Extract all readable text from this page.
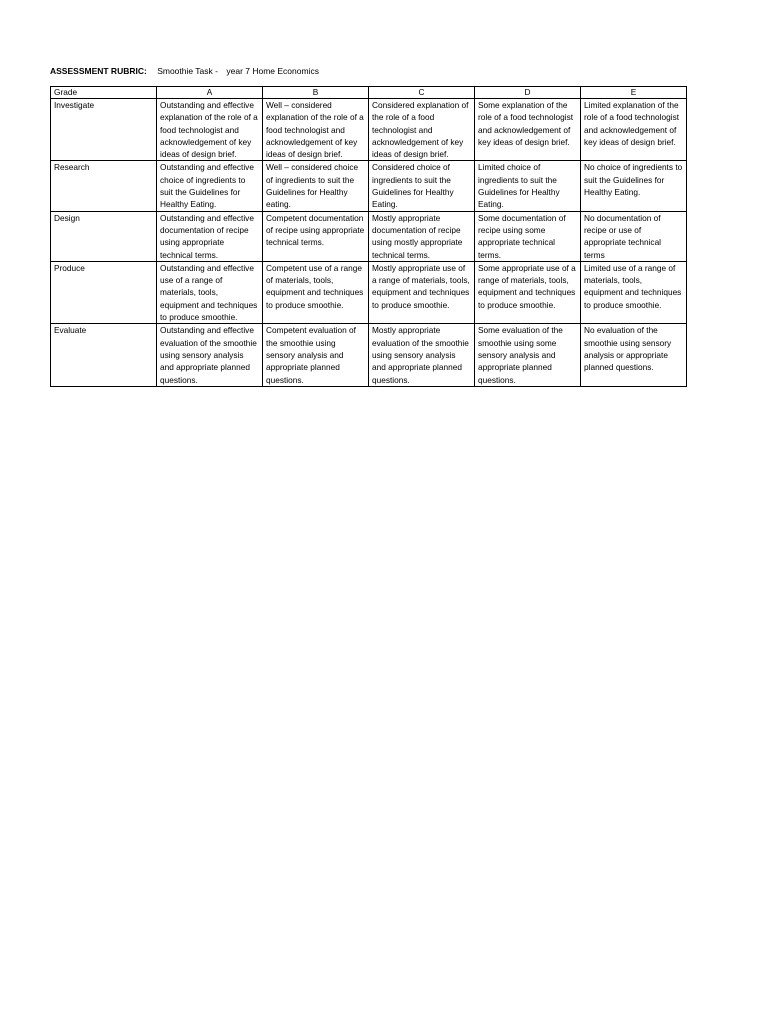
ASSESSMENT RUBRIC: Smoothie Task - year 7 Home Economics
Grade	A	B	C	D	E
Investigate	Outstanding and effective explanation of the role of a food technologist and acknowledgement of key ideas of design brief.	Well – considered explanation of the role of a food technologist and acknowledgement of key ideas of design brief.	Considered explanation of the role of a food technologist and acknowledgement of key ideas of design brief.	Some explanation of the role of a food technologist and acknowledgement of key ideas of design brief.	Limited explanation of the role of a food technologist and acknowledgement of key ideas of design brief.
Research	Outstanding and effective choice of ingredients to suit the Guidelines for Healthy Eating.	Well – considered choice of ingredients to suit the Guidelines for Healthy eating.	Considered choice of ingredients to suit the Guidelines for Healthy Eating.	Limited choice of ingredients to suit the Guidelines for Healthy Eating.	No choice of ingredients to suit the Guidelines for Healthy Eating.
Design	Outstanding and effective documentation of recipe using appropriate technical terms.	Competent documentation of recipe using appropriate technical terms.	Mostly appropriate documentation of recipe using mostly appropriate technical terms.	Some documentation of recipe using some appropriate technical terms.	No documentation of recipe or use of appropriate technical terms
Produce	Outstanding and effective use of a range of materials, tools, equipment and techniques to produce smoothie.	Competent use of a range of materials, tools, equipment and techniques to produce smoothie.	Mostly appropriate use of a range of materials, tools, equipment and techniques to produce smoothie.	Some appropriate use of a range of materials, tools, equipment and techniques to produce smoothie.	Limited use of a range of materials, tools, equipment and techniques to produce smoothie.
Evaluate	Outstanding and effective evaluation of the smoothie using sensory analysis and appropriate planned questions.	Competent evaluation of the smoothie using sensory analysis and appropriate planned questions.	Mostly appropriate evaluation of the smoothie using sensory analysis and appropriate planned questions.	Some evaluation of the smoothie using some sensory analysis and appropriate planned questions.	No evaluation of the smoothie using sensory analysis or appropriate planned questions.
